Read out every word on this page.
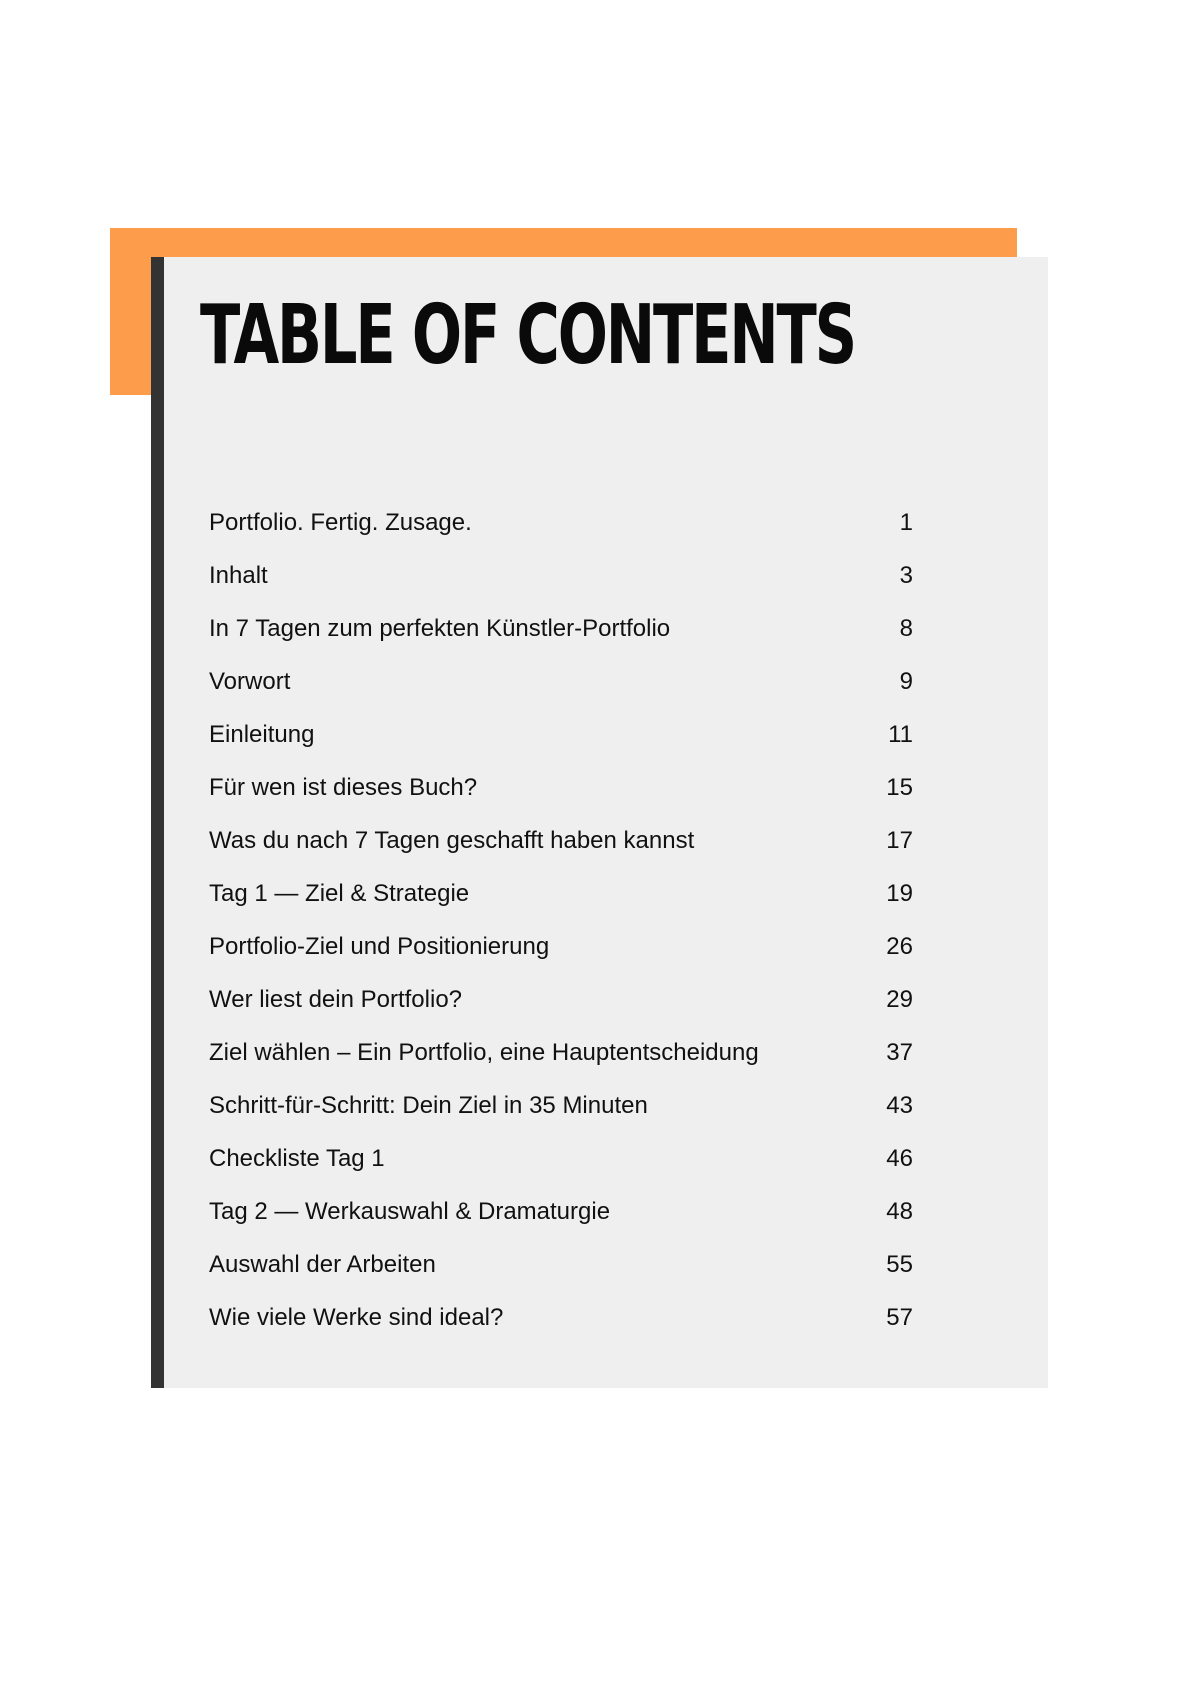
TABLE OF CONTENTS
Portfolio. Fertig. Zusage.	1
Inhalt	3
In 7 Tagen zum perfekten Künstler-Portfolio	8
Vorwort	9
Einleitung	11
Für wen ist dieses Buch?	15
Was du nach 7 Tagen geschafft haben kannst	17
Tag 1 — Ziel & Strategie	19
Portfolio-Ziel und Positionierung	26
Wer liest dein Portfolio?	29
Ziel wählen – Ein Portfolio, eine Hauptentscheidung	37
Schritt-für-Schritt: Dein Ziel in 35 Minuten	43
Checkliste Tag 1	46
Tag 2 — Werkauswahl & Dramaturgie	48
Auswahl der Arbeiten	55
Wie viele Werke sind ideal?	57
